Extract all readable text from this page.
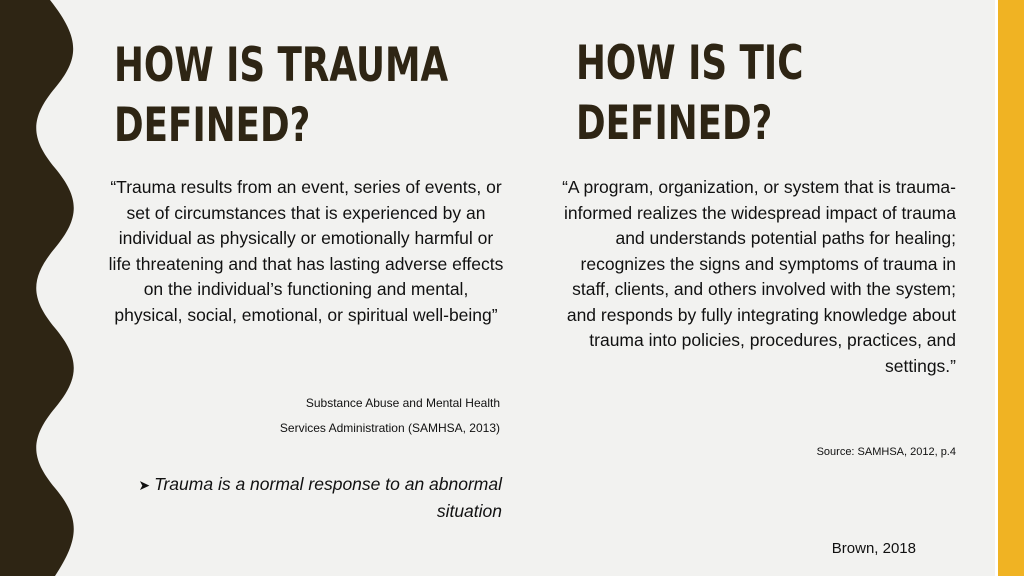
HOW IS TRAUMA
DEFINED?
HOW IS TIC
DEFINED?
“Trauma results from an event, series of events, or set of circumstances that is experienced by an individual as physically or emotionally harmful or life threatening and that has lasting adverse effects on the individual’s functioning and mental, physical, social, emotional, or spiritual well-being”
Substance Abuse and Mental Health
Services Administration (SAMHSA, 2013)
➤ Trauma is a normal response to an abnormal situation
“A program, organization, or system that is trauma-informed realizes the widespread impact of trauma and understands potential paths for healing; recognizes the signs and symptoms of trauma in staff, clients, and others involved with the system; and responds by fully integrating knowledge about trauma into policies, procedures, practices, and settings.”
Source: SAMHSA, 2012, p.4
Brown, 2018
